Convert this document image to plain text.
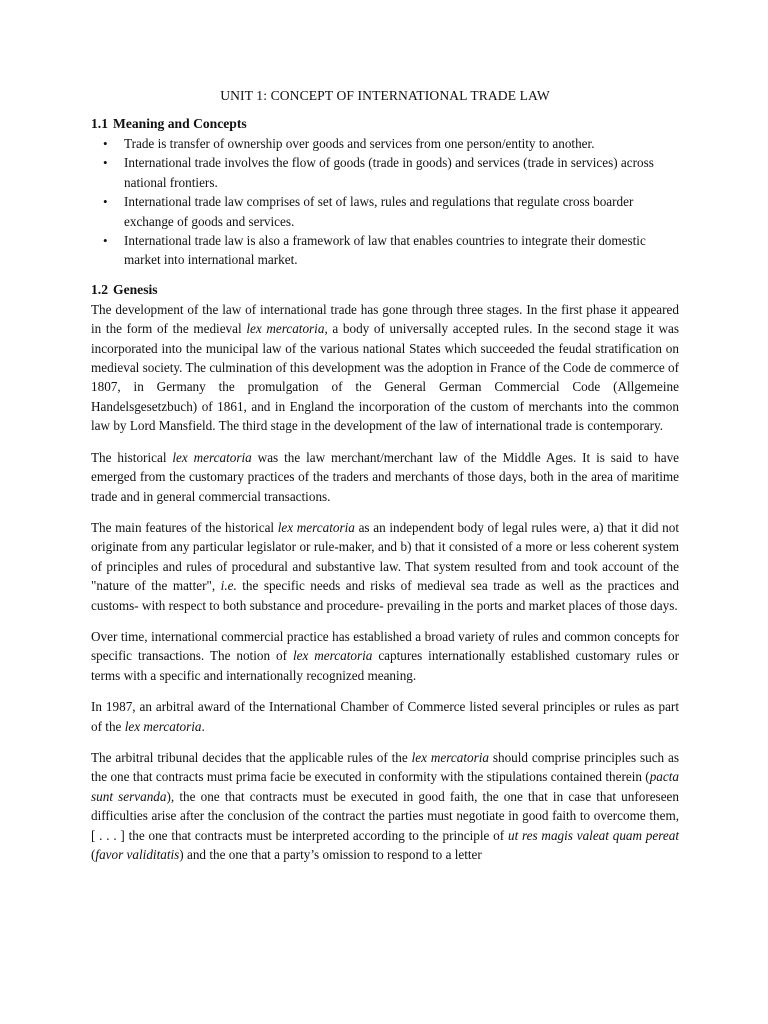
UNIT 1: CONCEPT OF INTERNATIONAL TRADE LAW
1.1 Meaning and Concepts
• Trade is transfer of ownership over goods and services from one person/entity to another.
• International trade involves the flow of goods (trade in goods) and services (trade in services) across national frontiers.
• International trade law comprises of set of laws, rules and regulations that regulate cross boarder exchange of goods and services.
• International trade law is also a framework of law that enables countries to integrate their domestic market into international market.
1.2 Genesis

The development of the law of international trade has gone through three stages. In the first phase it appeared in the form of the medieval lex mercatoria, a body of universally accepted rules. In the second stage it was incorporated into the municipal law of the various national States which succeeded the feudal stratification on medieval society. The culmination of this development was the adoption in France of the Code de commerce of 1807, in Germany the promulgation of the General German Commercial Code (Allgemeine Handelsgesetzbuch) of 1861, and in England the incorporation of the custom of merchants into the common law by Lord Mansfield. The third stage in the development of the law of international trade is contemporary.

The historical lex mercatoria was the law merchant/merchant law of the Middle Ages. It is said to have emerged from the customary practices of the traders and merchants of those days, both in the area of maritime trade and in general commercial transactions.

The main features of the historical lex mercatoria as an independent body of legal rules were, a) that it did not originate from any particular legislator or rule-maker, and b) that it consisted of a more or less coherent system of principles and rules of procedural and substantive law. That system resulted from and took account of the "nature of the matter", i.e. the specific needs and risks of medieval sea trade as well as the practices and customs- with respect to both substance and procedure- prevailing in the ports and market places of those days.

Over time, international commercial practice has established a broad variety of rules and common concepts for specific transactions. The notion of lex mercatoria captures internationally established customary rules or terms with a specific and internationally recognized meaning.

In 1987, an arbitral award of the International Chamber of Commerce listed several principles or rules as part of the lex mercatoria.

The arbitral tribunal decides that the applicable rules of the lex mercatoria should comprise principles such as the one that contracts must prima facie be executed in conformity with the stipulations contained therein (pacta sunt servanda), the one that contracts must be executed in good faith, the one that in case that unforeseen difficulties arise after the conclusion of the contract the parties must negotiate in good faith to overcome them, [ . . . ] the one that contracts must be interpreted according to the principle of ut res magis valeat quam pereat (favor validitatis) and the one that a party’s omission to respond to a letter
